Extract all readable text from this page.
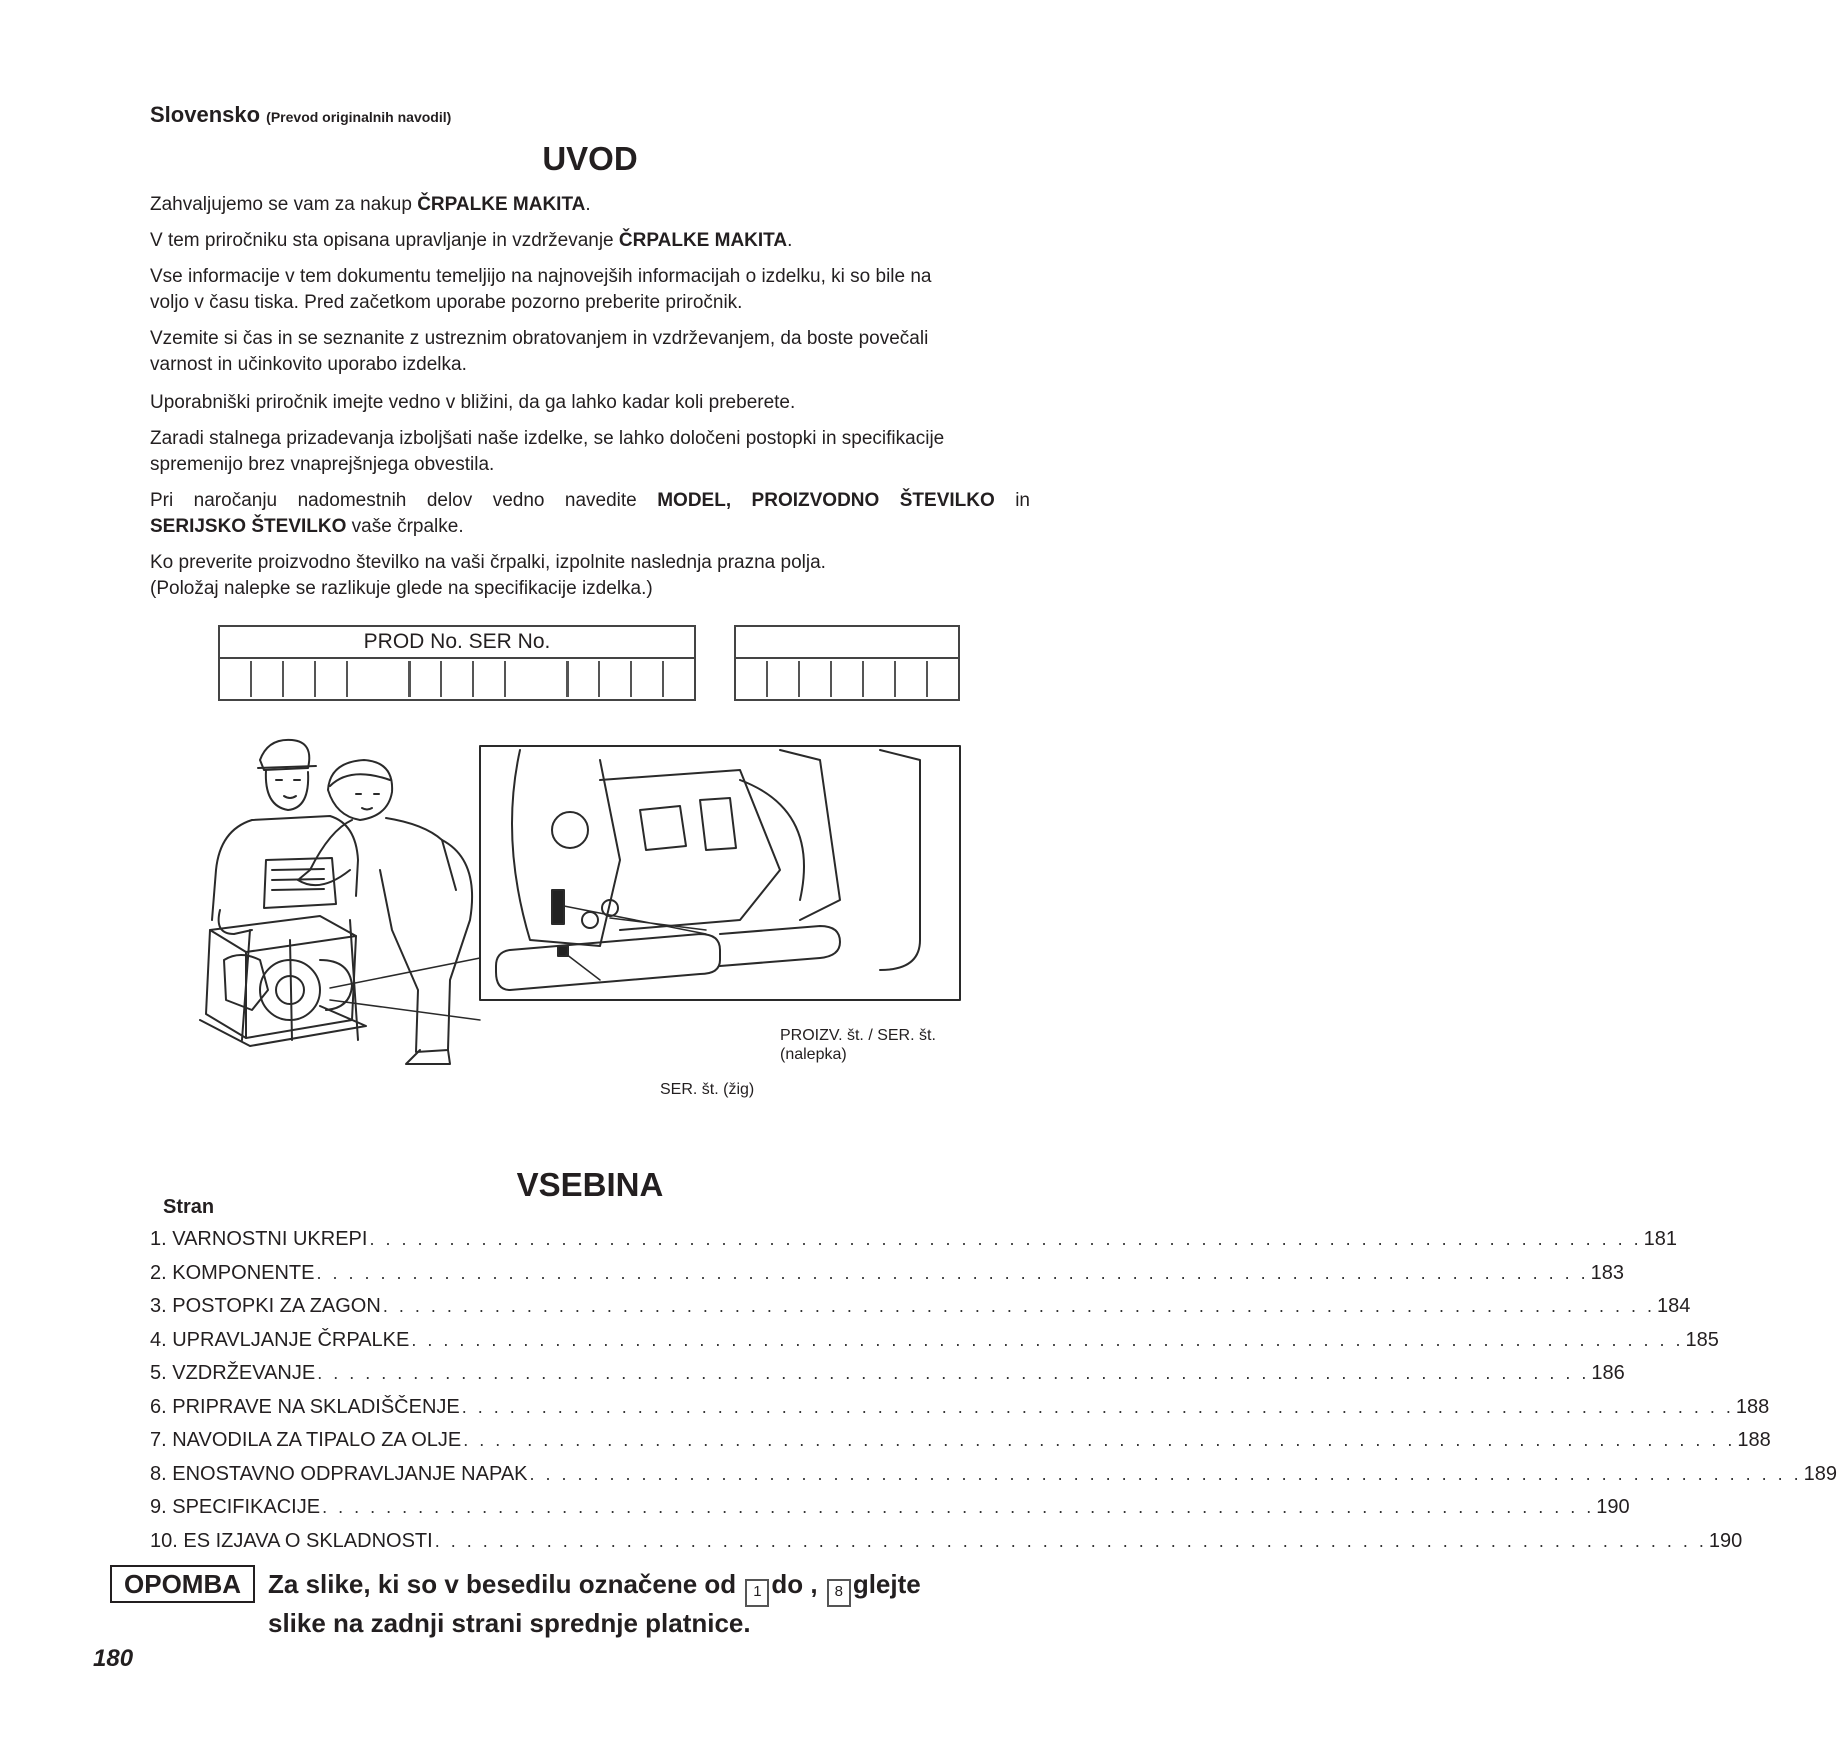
Slovensko (Prevod originalnih navodil)
UVOD
Zahvaljujemo se vam za nakup ČRPALKE MAKITA.
V tem priročniku sta opisana upravljanje in vzdrževanje ČRPALKE MAKITA.
Vse informacije v tem dokumentu temeljijo na najnovejših informacijah o izdelku, ki so bile na
voljo v času tiska. Pred začetkom uporabe pozorno preberite priročnik.
Vzemite si čas in se seznanite z ustreznim obratovanjem in vzdrževanjem, da boste povečali
varnost in učinkovito uporabo izdelka.
Uporabniški priročnik imejte vedno v bližini, da ga lahko kadar koli preberete.
Zaradi stalnega prizadevanja izboljšati naše izdelke, se lahko določeni postopki in specifikacije
spremenijo brez vnaprejšnjega obvestila.
Pri naročanju nadomestnih delov vedno navedite MODEL, PROIZVODNO ŠTEVILKO in
SERIJSKO ŠTEVILKO vaše črpalke.
Ko preverite proizvodno številko na vaši črpalki, izpolnite naslednja prazna polja.
(Položaj nalepke se razlikuje glede na specifikacije izdelka.)
PROD No. SER No.
PROIZV. št. / SER. št.
(nalepka)
SER. št. (žig)
VSEBINA
Stran
1. VARNOSTNI UKREPI . . . . . . . . . . . . . . . . . . . . . . . . . . . . . . . . . . . . . . . . . . . . . . . . . . . . . . . . . . . . . . . . . . . . . . . . . . . . . . . . 181
2. KOMPONENTE . . . . . . . . . . . . . . . . . . . . . . . . . . . . . . . . . . . . . . . . . . . . . . . . . . . . . . . . . . . . . . . . . . . . . . . . . . . . . . . . 183
3. POSTOPKI ZA ZAGON . . . . . . . . . . . . . . . . . . . . . . . . . . . . . . . . . . . . . . . . . . . . . . . . . . . . . . . . . . . . . . . . . . . . . . . . . . . . . . . . 184
4. UPRAVLJANJE ČRPALKE . . . . . . . . . . . . . . . . . . . . . . . . . . . . . . . . . . . . . . . . . . . . . . . . . . . . . . . . . . . . . . . . . . . . . . . . . . . . . . . . 185
5. VZDRŽEVANJE . . . . . . . . . . . . . . . . . . . . . . . . . . . . . . . . . . . . . . . . . . . . . . . . . . . . . . . . . . . . . . . . . . . . . . . . . . . . . . . . 186
6. PRIPRAVE NA SKLADIŠČENJE . . . . . . . . . . . . . . . . . . . . . . . . . . . . . . . . . . . . . . . . . . . . . . . . . . . . . . . . . . . . . . . . . . . . . . . . . . . . . . . . 188
7. NAVODILA ZA TIPALO ZA OLJE . . . . . . . . . . . . . . . . . . . . . . . . . . . . . . . . . . . . . . . . . . . . . . . . . . . . . . . . . . . . . . . . . . . . . . . . . . . . . . . . 188
8. ENOSTAVNO ODPRAVLJANJE NAPAK . . . . . . . . . . . . . . . . . . . . . . . . . . . . . . . . . . . . . . . . . . . . . . . . . . . . . . . . . . . . . . . . . . . . . . . . . . . . . . . . 189
9. SPECIFIKACIJE . . . . . . . . . . . . . . . . . . . . . . . . . . . . . . . . . . . . . . . . . . . . . . . . . . . . . . . . . . . . . . . . . . . . . . . . . . . . . . . . 190
10. ES IZJAVA O SKLADNOSTI . . . . . . . . . . . . . . . . . . . . . . . . . . . . . . . . . . . . . . . . . . . . . . . . . . . . . . . . . . . . . . . . . . . . . . . . . . . . . . . . 190
OPOMBA	Za slike, ki so v besedilu označene od 1 do , 8 glejte
slike na zadnji strani sprednje platnice.
180
